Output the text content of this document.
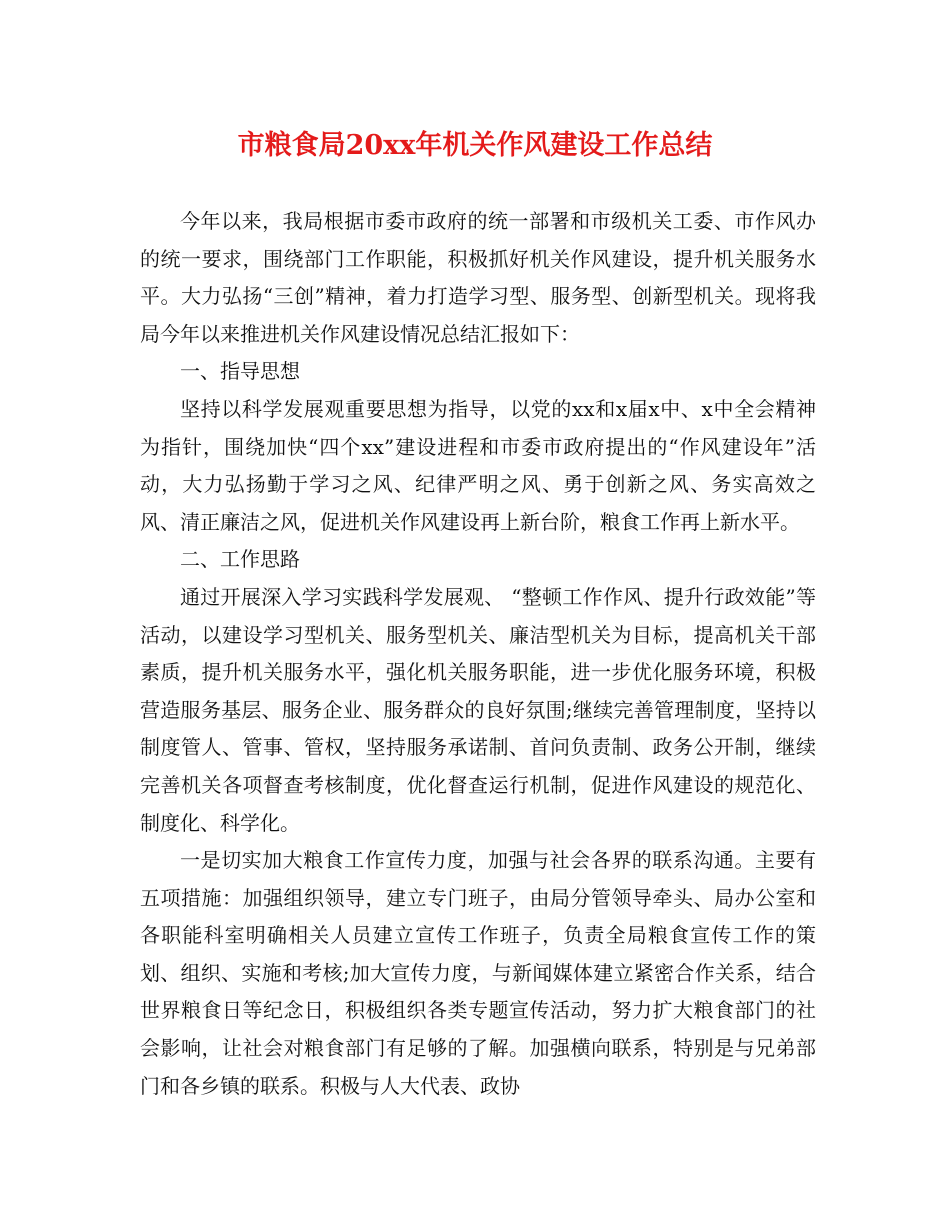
市粮食局20xx年机关作风建设工作总结

今年以来，我局根据市委市政府的统一部署和市级机关工委、市作风办的统一要求，围绕部门工作职能，积极抓好机关作风建设，提升机关服务水平。大力弘扬“三创”精神，着力打造学习型、服务型、创新型机关。现将我局今年以来推进机关作风建设情况总结汇报如下：

一、指导思想

坚持以科学发展观重要思想为指导，以党的xx和x届x中、x中全会精神为指针，围绕加快“四个xx”建设进程和市委市政府提出的“作风建设年”活动，大力弘扬勤于学习之风、纪律严明之风、勇于创新之风、务实高效之风、清正廉洁之风，促进机关作风建设再上新台阶，粮食工作再上新水平。

二、工作思路

通过开展深入学习实践科学发展观、 “整顿工作作风、提升行政效能”等活动，以建设学习型机关、服务型机关、廉洁型机关为目标，提高机关干部素质，提升机关服务水平，强化机关服务职能，进一步优化服务环境，积极营造服务基层、服务企业、服务群众的良好氛围;继续完善管理制度，坚持以制度管人、管事、管权，坚持服务承诺制、首问负责制、政务公开制，继续完善机关各项督查考核制度，优化督查运行机制，促进作风建设的规范化、制度化、科学化。

一是切实加大粮食工作宣传力度，加强与社会各界的联系沟通。主要有五项措施：加强组织领导，建立专门班子，由局分管领导牵头、局办公室和各职能科室明确相关人员建立宣传工作班子，负责全局粮食宣传工作的策划、组织、实施和考核;加大宣传力度，与新闻媒体建立紧密合作关系，结合世界粮食日等纪念日，积极组织各类专题宣传活动，努力扩大粮食部门的社会影响，让社会对粮食部门有足够的了解。加强横向联系，特别是与兄弟部门和各乡镇的联系。积极与人大代表、政协
